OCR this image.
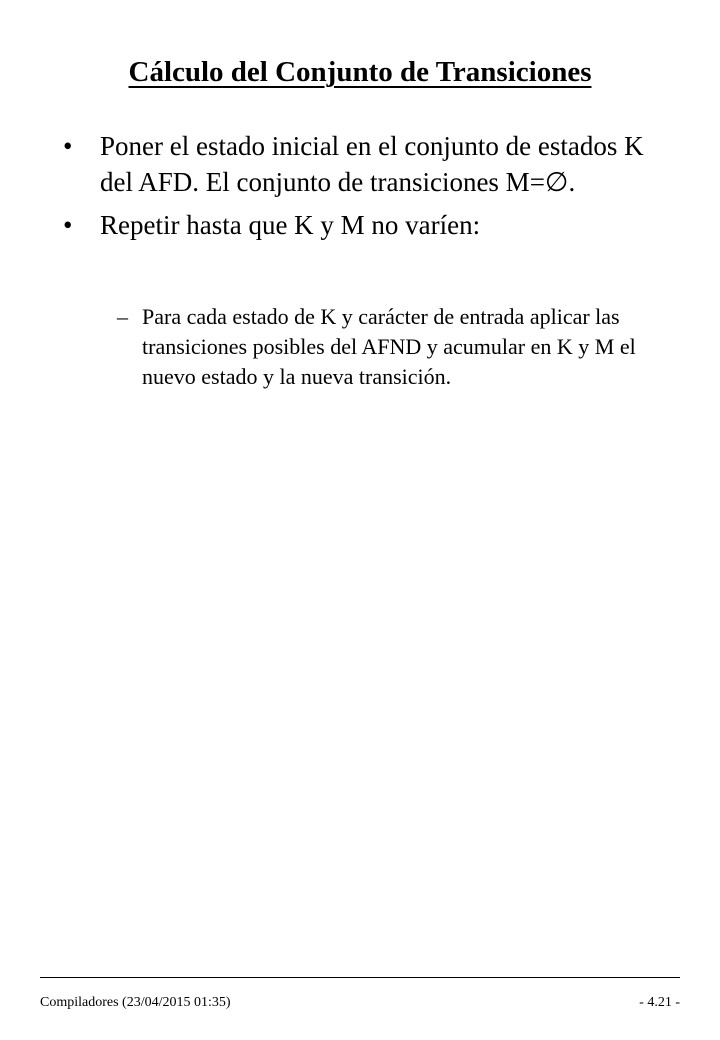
Cálculo del Conjunto de Transiciones
• Poner el estado inicial en el conjunto de estados K del AFD. El conjunto de transiciones M=∅.
• Repetir hasta que K y M no varíen:
– Para cada estado de K y carácter de entrada aplicar las transiciones posibles del AFND y acumular en K y M el nuevo estado y la nueva transición.
Compiladores (23/04/2015 01:35)	- 4.21 -
